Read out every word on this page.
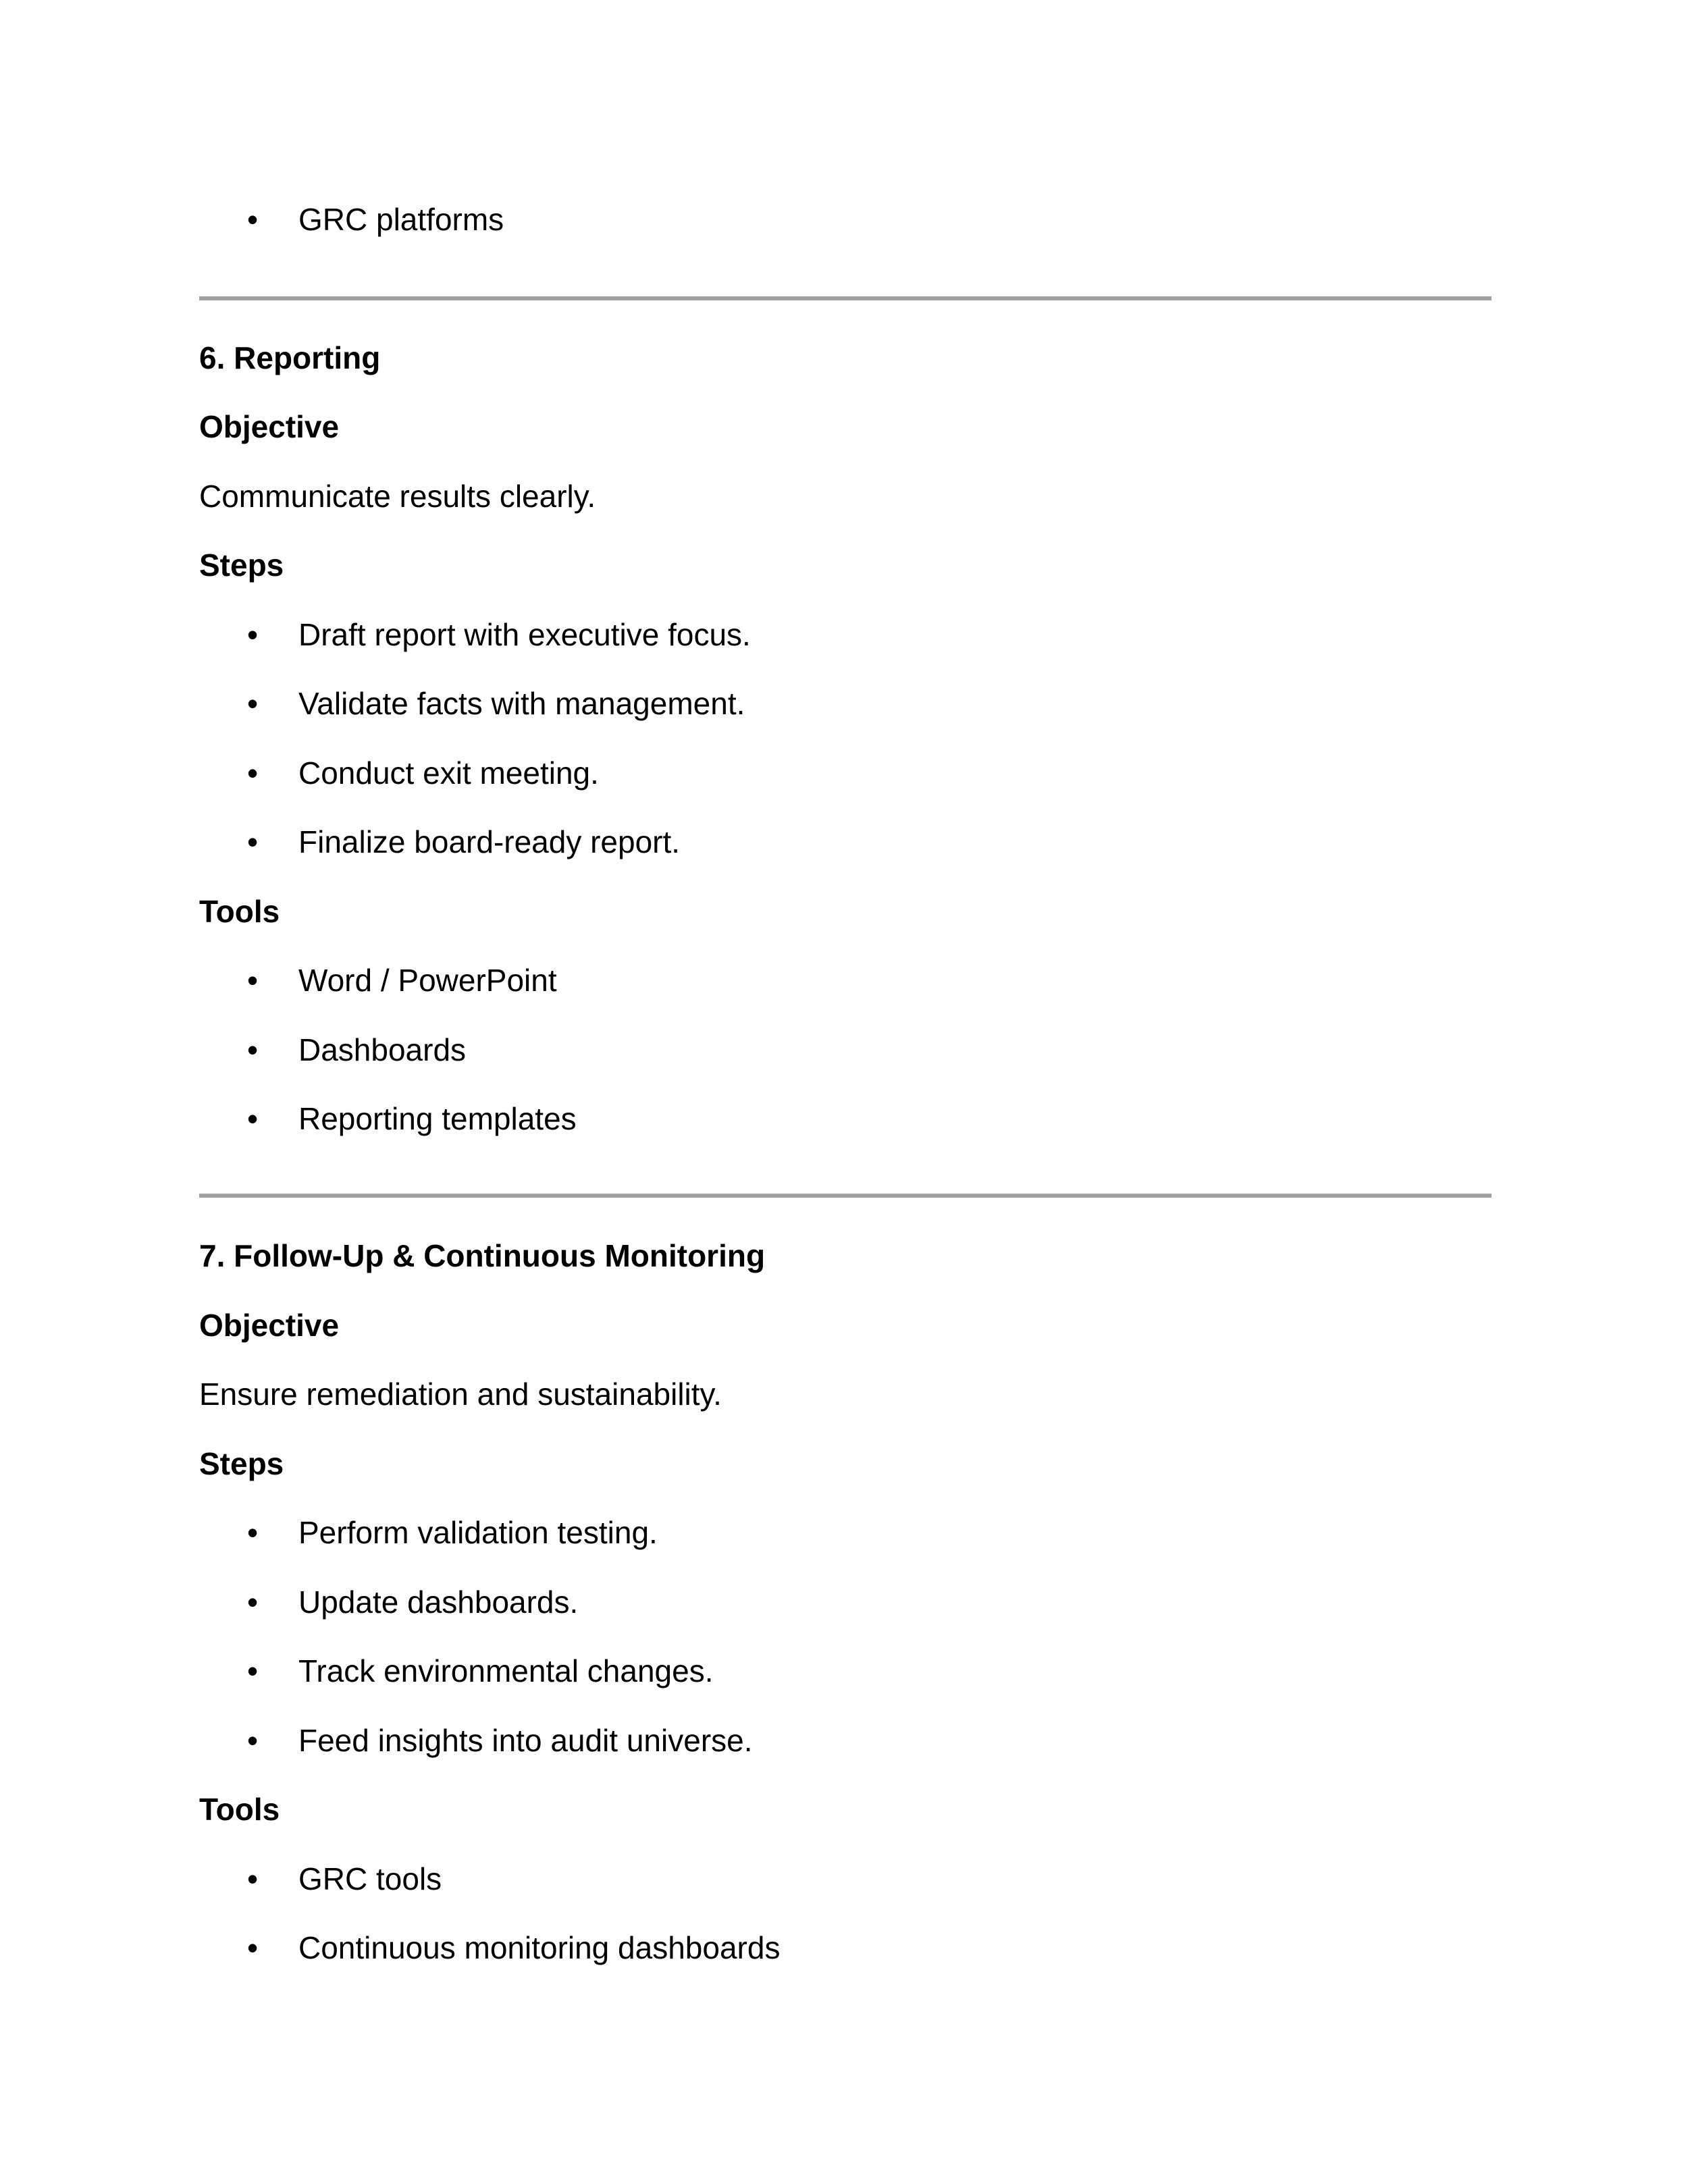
• GRC platforms
6. Reporting
Objective
Communicate results clearly.
Steps
• Draft report with executive focus.
• Validate facts with management.
• Conduct exit meeting.
• Finalize board-ready report.
Tools
• Word / PowerPoint
• Dashboards
• Reporting templates
7. Follow-Up & Continuous Monitoring
Objective
Ensure remediation and sustainability.
Steps
• Perform validation testing.
• Update dashboards.
• Track environmental changes.
• Feed insights into audit universe.
Tools
• GRC tools
• Continuous monitoring dashboards
